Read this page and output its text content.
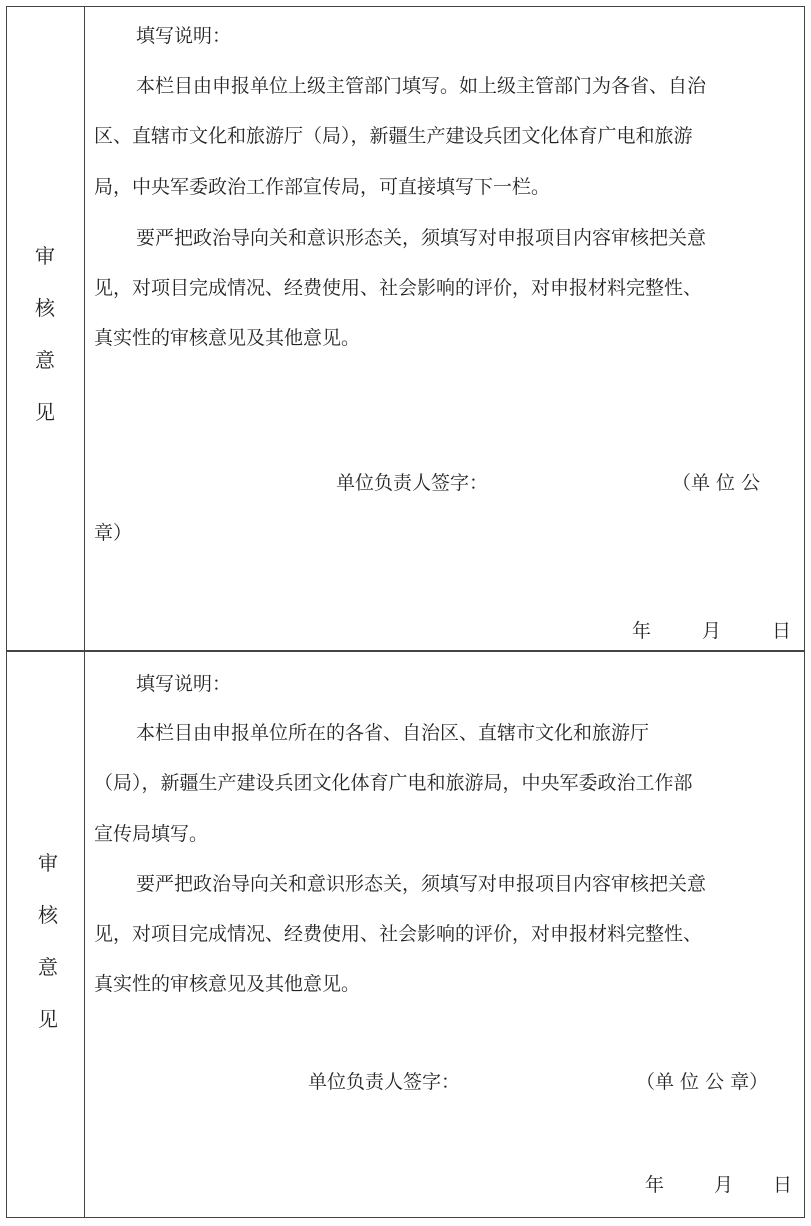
审
核
意
见
填写说明：
本栏目由申报单位上级主管部门填写。如上级主管部门为各省、自治
区、直辖市文化和旅游厅（局），新疆生产建设兵团文化体育广电和旅游
局，中央军委政治工作部宣传局，可直接填写下一栏。
要严把政治导向关和意识形态关，须填写对申报项目内容审核把关意
见，对项目完成情况、经费使用、社会影响的评价，对申报材料完整性、
真实性的审核意见及其他意见。
单位负责人签字：	（单 位 公
章）
年	月	日
审
核
意
见
填写说明：
本栏目由申报单位所在的各省、自治区、直辖市文化和旅游厅
（局），新疆生产建设兵团文化体育广电和旅游局，中央军委政治工作部
宣传局填写。
要严把政治导向关和意识形态关，须填写对申报项目内容审核把关意
见，对项目完成情况、经费使用、社会影响的评价，对申报材料完整性、
真实性的审核意见及其他意见。
单位负责人签字：	（单 位 公 章）
年	月 日
